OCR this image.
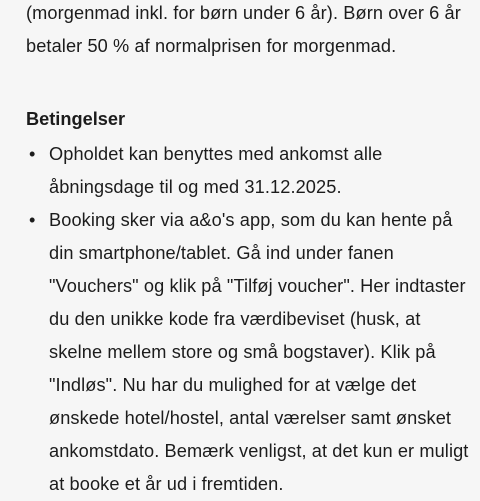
(morgenmad inkl. for børn under 6 år). Børn over 6 år betaler 50 % af normalprisen for morgenmad.

Betingelser
• Opholdet kan benyttes med ankomst alle åbningsdage til og med 31.12.2025.
• Booking sker via a&o's app, som du kan hente på din smartphone/tablet. Gå ind under fanen "Vouchers" og klik på "Tilføj voucher". Her indtaster du den unikke kode fra værdibeviset (husk, at skelne mellem store og små bogstaver). Klik på "Indløs". Nu har du mulighed for at vælge det ønskede hotel/hostel, antal værelser samt ønsket ankomstdato. Bemærk venligst, at det kun er muligt at booke et år ud i fremtiden.
